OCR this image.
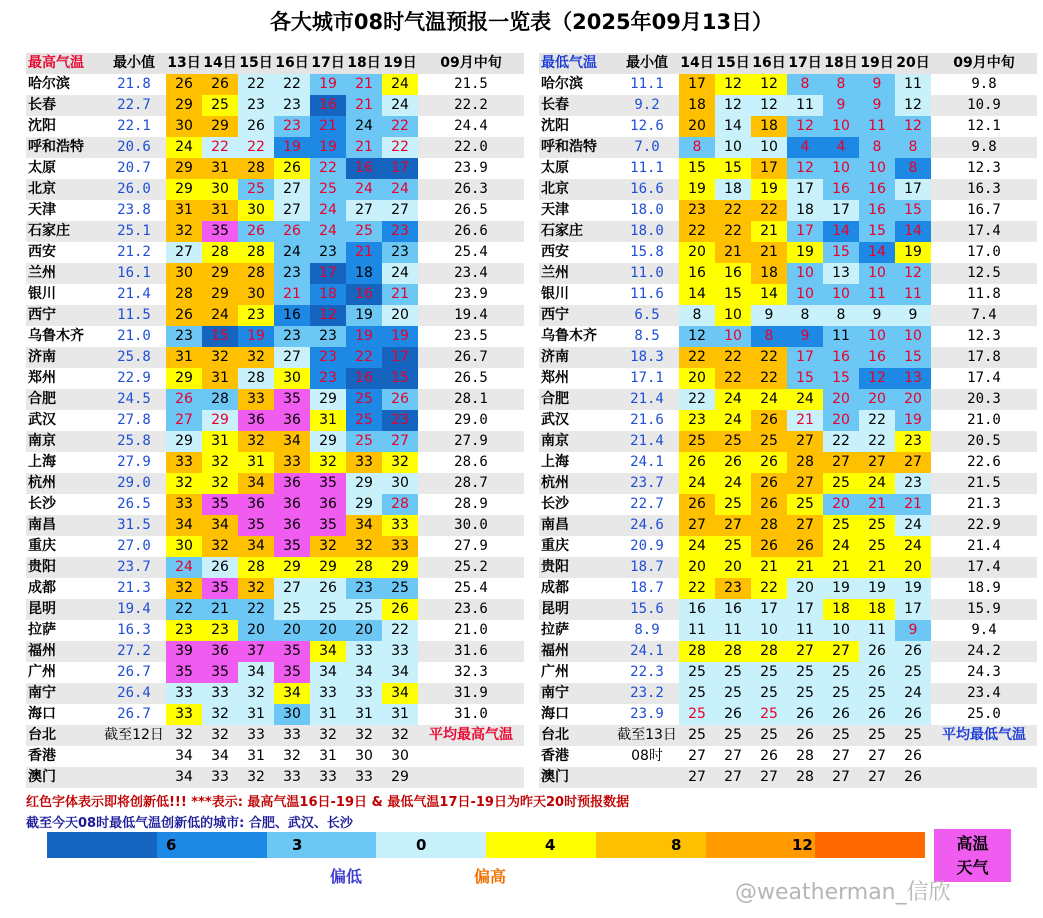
各大城市08时气温预报一览表（2025年09月13日）
最高气温	最小值	13日	14日	15日	16日	17日	18日	19日	09月中旬
哈尔滨	21.8	26	26	22	22	19	21	24	21.5
长春	22.7	29	25	23	23	16	21	24	22.2
沈阳	22.1	30	29	26	23	21	24	22	24.4
呼和浩特	20.6	24	22	22	19	19	21	22	22.0
太原	20.7	29	31	28	26	22	16	17	23.9
北京	26.0	29	30	25	27	25	24	24	26.3
天津	23.8	31	31	30	27	24	27	27	26.5
石家庄	25.1	32	35	26	26	24	25	23	26.6
西安	21.2	27	28	28	24	23	21	23	25.4
兰州	16.1	30	29	28	23	17	18	24	23.4
银川	21.4	28	29	30	21	18	16	21	23.9
西宁	11.5	26	24	23	16	12	19	20	19.4
乌鲁木齐	21.0	23	15	19	23	23	19	19	23.5
济南	25.8	31	32	32	27	23	22	17	26.7
郑州	22.9	29	31	28	30	23	16	15	26.5
合肥	24.5	26	28	33	35	29	25	26	28.1
武汉	27.8	27	29	36	36	31	25	23	29.0
南京	25.8	29	31	32	34	29	25	27	27.9
上海	27.9	33	32	31	33	32	33	32	28.6
杭州	29.0	32	32	34	36	35	29	30	28.7
长沙	26.5	33	35	36	36	36	29	28	28.9
南昌	31.5	34	34	35	36	35	34	33	30.0
重庆	27.0	30	32	34	35	32	32	33	27.9
贵阳	23.7	24	26	28	29	29	28	29	25.2
成都	21.3	32	35	32	27	26	23	25	25.4
昆明	19.4	22	21	22	25	25	25	26	23.6
拉萨	16.3	23	23	20	20	20	20	22	21.0
福州	27.2	39	36	37	35	34	33	33	31.6
广州	26.7	35	35	34	35	34	34	34	32.3
南宁	26.4	33	33	32	34	33	33	34	31.9
海口	26.7	33	32	31	30	31	31	31	31.0
台北	截至12日	32	32	33	33	32	32	32	平均最高气温
香港		34	34	31	32	31	30	30	
澳门		34	33	32	33	33	33	29	
最低气温	最小值	14日	15日	16日	17日	18日	19日	20日	09月中旬
哈尔滨	11.1	17	12	12	8	8	9	11	9.8
长春	9.2	18	12	12	11	9	9	12	10.9
沈阳	12.6	20	14	18	12	10	11	12	12.1
呼和浩特	7.0	8	10	10	4	4	8	8	9.8
太原	11.1	15	15	17	12	10	10	8	12.3
北京	16.6	19	18	19	17	16	16	17	16.3
天津	18.0	23	22	22	18	17	16	15	16.7
石家庄	18.0	22	22	21	17	14	15	14	17.4
西安	15.8	20	21	21	19	15	14	19	17.0
兰州	11.0	16	16	18	10	13	10	12	12.5
银川	11.6	14	15	14	10	10	11	11	11.8
西宁	6.5	8	10	9	8	8	9	9	7.4
乌鲁木齐	8.5	12	10	8	9	11	10	10	12.3
济南	18.3	22	22	22	17	16	16	15	17.8
郑州	17.1	20	22	22	15	15	12	13	17.4
合肥	21.4	22	24	24	24	20	20	20	20.3
武汉	21.6	23	24	26	21	20	22	19	21.0
南京	21.4	25	25	25	27	22	22	23	20.5
上海	24.1	26	26	26	28	27	27	27	22.6
杭州	23.7	24	24	26	27	25	24	23	21.5
长沙	22.7	26	25	26	25	20	21	21	21.3
南昌	24.6	27	27	28	27	25	25	24	22.9
重庆	20.9	24	25	26	26	24	25	24	21.4
贵阳	18.7	20	20	21	21	21	21	20	17.4
成都	18.7	22	23	22	20	19	19	19	18.9
昆明	15.6	16	16	17	17	18	18	17	15.9
拉萨	8.9	11	11	10	11	10	11	9	9.4
福州	24.1	28	28	28	27	27	26	26	24.2
广州	22.3	25	25	25	25	25	26	25	24.3
南宁	23.2	25	25	25	25	25	25	24	23.4
海口	23.9	25	26	25	26	26	26	26	25.0
台北	截至13日	25	25	25	26	25	25	25	平均最低气温
香港	08时	27	27	26	28	27	27	26	
澳门		27	27	27	28	27	27	26	
红色字体表示即将创新低!!! ***表示: 最高气温16日-19日 & 最低气温17日-19日为昨天20时预报数据
截至今天08时最低气温创新低的城市: 合肥、武汉、长沙
6	3	0	4	8	12	高温
天气
偏低	偏高
@weatherman_信欣
